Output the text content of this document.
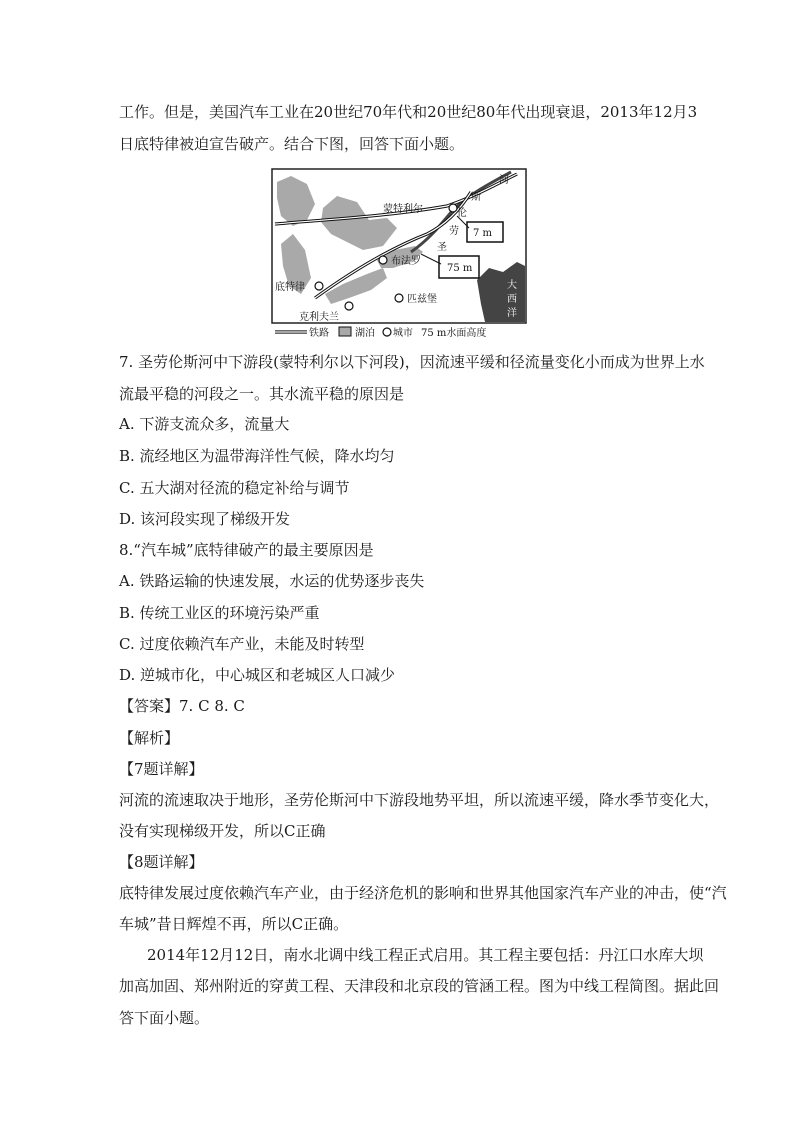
工作。但是，美国汽车工业在20世纪70年代和20世纪80年代出现衰退，2013年12月3
日底特律被迫宣告破产。结合下图，回答下面小题。
河
斯
伦
劳
圣
蒙特利尔
布法罗
底特律
克利夫兰
匹兹堡
大
西
洋
7 m
75 m
铁路	湖泊 城市 75 m水面高度
7. 圣劳伦斯河中下游段(蒙特利尔以下河段)，因流速平缓和径流量变化小而成为世界上水
流最平稳的河段之一。其水流平稳的原因是
A. 下游支流众多，流量大
B. 流经地区为温带海洋性气候，降水均匀
C. 五大湖对径流的稳定补给与调节
D. 该河段实现了梯级开发
8.“汽车城”底特律破产的最主要原因是
A. 铁路运输的快速发展，水运的优势逐步丧失
B. 传统工业区的环境污染严重
C. 过度依赖汽车产业，未能及时转型
D. 逆城市化，中心城区和老城区人口减少
【答案】7. C 8. C
【解析】
【7题详解】
河流的流速取决于地形，圣劳伦斯河中下游段地势平坦，所以流速平缓，降水季节变化大，
没有实现梯级开发，所以C正确
【8题详解】
底特律发展过度依赖汽车产业，由于经济危机的影响和世界其他国家汽车产业的冲击，使“汽
车城”昔日辉煌不再，所以C正确。
2014年12月12日，南水北调中线工程正式启用。其工程主要包括：丹江口水库大坝
加高加固、郑州附近的穿黄工程、天津段和北京段的管涵工程。图为中线工程简图。据此回
答下面小题。
